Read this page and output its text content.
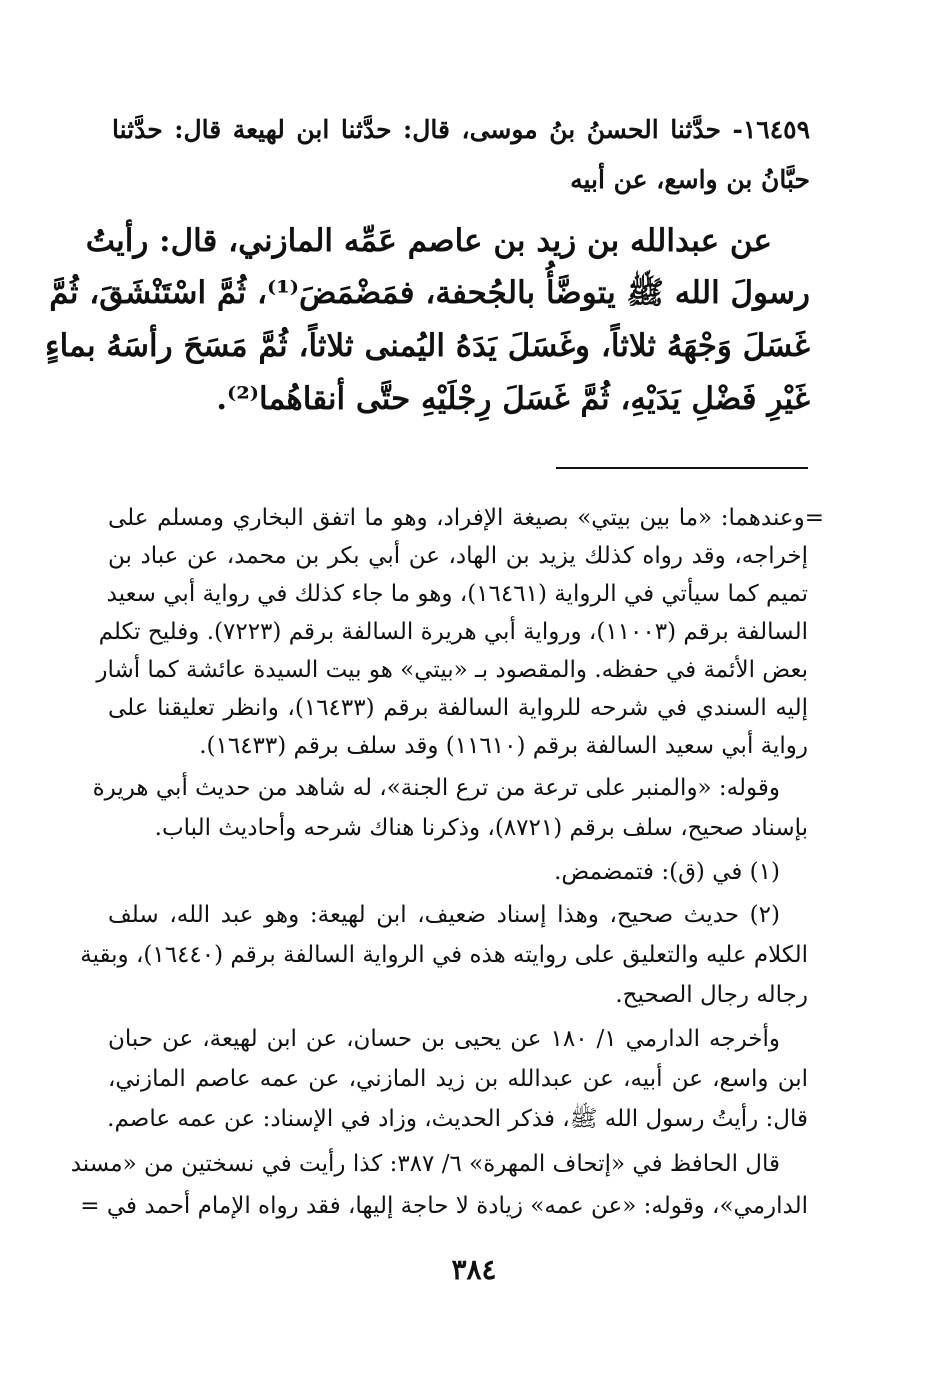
١٦٤٥٩- حدَّثنا الحسنُ بنُ موسى، قال: حدَّثنا ابن لهيعة قال: حدَّثنا
حبَّانُ بن واسع، عن أبيه
عن عبدالله بن زيد بن عاصم عَمِّه المازني، قال: رأيتُ
رسولَ الله ﷺ يتوضَّأُ بالجُحفة، فمَضْمَضَ⁽¹⁾، ثُمَّ اسْتَنْشَقَ، ثُمَّ
غَسَلَ وَجْهَهُ ثلاثاً، وغَسَلَ يَدَهُ اليُمنى ثلاثاً، ثُمَّ مَسَحَ رأسَهُ بماءٍ
غَيْرِ فَضْلِ يَدَيْهِ، ثُمَّ غَسَلَ رِجْلَيْهِ حتَّى أنقاهُما⁽²⁾.
=وعندهما: «ما بين بيتي» بصيغة الإفراد، وهو ما اتفق البخاري ومسلم على
إخراجه، وقد رواه كذلك يزيد بن الهاد، عن أبي بكر بن محمد، عن عباد بن
تميم كما سيأتي في الرواية (١٦٤٦١)، وهو ما جاء كذلك في رواية أبي سعيد
السالفة برقم (١١٠٠٣)، ورواية أبي هريرة السالفة برقم (٧٢٢٣). وفليح تكلم
بعض الأئمة في حفظه. والمقصود بـ «بيتي» هو بيت السيدة عائشة كما أشار
إليه السندي في شرحه للرواية السالفة برقم (١٦٤٣٣)، وانظر تعليقنا على
رواية أبي سعيد السالفة برقم (١١٦١٠) وقد سلف برقم (١٦٤٣٣).
وقوله: «والمنبر على ترعة من ترع الجنة»، له شاهد من حديث أبي هريرة
بإسناد صحيح، سلف برقم (٨٧٢١)، وذكرنا هناك شرحه وأحاديث الباب.
(١) في (ق): فتمضمض.
(٢) حديث صحيح، وهذا إسناد ضعيف، ابن لهيعة: وهو عبد الله، سلف
الكلام عليه والتعليق على روايته هذه في الرواية السالفة برقم (١٦٤٤٠)، وبقية
رجاله رجال الصحيح.
وأخرجه الدارمي ١/ ١٨٠ عن يحيى بن حسان، عن ابن لهيعة، عن حبان
ابن واسع، عن أبيه، عن عبدالله بن زيد المازني، عن عمه عاصم المازني،
قال: رأيتُ رسول الله ﷺ، فذكر الحديث، وزاد في الإسناد: عن عمه عاصم.
قال الحافظ في «إتحاف المهرة» ٦/ ٣٨٧: كذا رأيت في نسختين من «مسند
الدارمي»، وقوله: «عن عمه» زيادة لا حاجة إليها، فقد رواه الإمام أحمد في =
٣٨٤
